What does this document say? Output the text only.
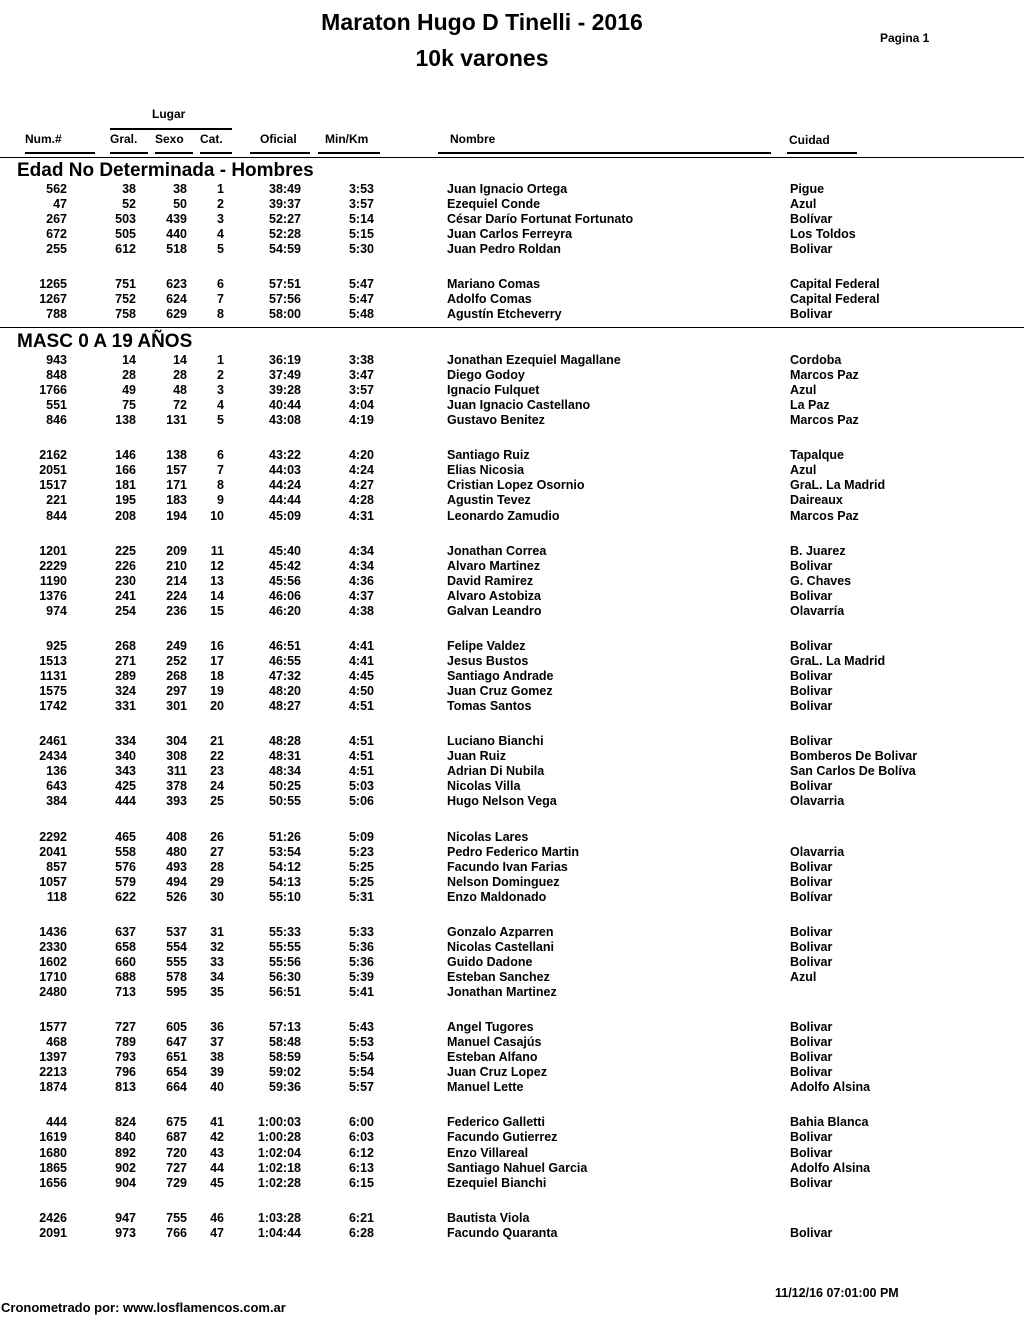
Maraton Hugo D Tinelli - 2016
10k varones
Pagina 1
Lugar
Num.#	Gral. Sexo Cat.	Oficial Min/Km	Nombre	Cuidad
Edad No Determinada - Hombres
562	38	38 1	38:49	3:53	Juan Ignacio Ortega	Pigue
47	52	50 2	39:37	3:57	Ezequiel Conde	Azul
267	503 439 3	52:27	5:14	César Darío Fortunat Fortunato	Bolívar
672	505 440 4	52:28	5:15	Juan Carlos Ferreyra	Los Toldos
255	612 518 5	54:59	5:30	Juan Pedro Roldan	Bolivar
1265	751 623 6	57:51	5:47	Mariano Comas	Capital Federal
1267	752 624 7	57:56	5:47	Adolfo Comas	Capital Federal
788	758 629 8	58:00	5:48	Agustín Etcheverry	Bolivar
MASC 0 A 19 AÑOS
943	14	14 1	36:19	3:38	Jonathan Ezequiel Magallane	Cordoba
848	28	28 2	37:49	3:47	Diego Godoy	Marcos Paz
1766	49	48 3	39:28	3:57	Ignacio Fulquet	Azul
551	75	72 4	40:44	4:04	Juan Ignacio Castellano	La Paz
846	138 131 5	43:08	4:19	Gustavo Benitez	Marcos Paz
2162	146 138 6	43:22	4:20	Santiago Ruiz	Tapalque
2051	166 157 7	44:03	4:24	Elias Nicosia	Azul
1517	181 171 8	44:24	4:27	Cristian Lopez Osornio	GraL. La Madrid
221	195 183 9	44:44	4:28	Agustin Tevez	Daireaux
844	208 194 10	45:09	4:31	Leonardo Zamudio	Marcos Paz
1201	225 209 11	45:40	4:34	Jonathan Correa	B. Juarez
2229	226 210 12	45:42	4:34	Alvaro Martinez	Bolivar
1190	230 214 13	45:56	4:36	David Ramirez	G. Chaves
1376	241 224 14	46:06	4:37	Alvaro Astobiza	Bolivar
974	254 236 15	46:20	4:38	Galvan Leandro	Olavarría
925	268 249 16	46:51	4:41	Felipe Valdez	Bolivar
1513	271 252 17	46:55	4:41	Jesus Bustos	GraL. La Madrid
1131	289 268 18	47:32	4:45	Santiago Andrade	Bolivar
1575	324 297 19	48:20	4:50	Juan Cruz Gomez	Bolivar
1742	331 301 20	48:27	4:51	Tomas Santos	Bolivar
2461	334 304 21	48:28	4:51	Luciano Bianchi	Bolivar
2434	340 308 22	48:31	4:51	Juan Ruiz	Bomberos De Bolivar
136	343 311 23	48:34	4:51	Adrian Di Nubila	San Carlos De Bolíva
643	425 378 24	50:25	5:03	Nicolas Villa	Bolivar
384	444 393 25	50:55	5:06	Hugo Nelson Vega	Olavarria
2292	465 408 26	51:26	5:09	Nicolas Lares
2041	558 480 27	53:54	5:23	Pedro Federico Martin	Olavarria
857	576 493 28	54:12	5:25	Facundo Ivan Farias	Bolivar
1057	579 494 29	54:13	5:25	Nelson Dominguez	Bolivar
118	622 526 30	55:10	5:31	Enzo Maldonado	Bolívar
1436	637 537 31	55:33	5:33	Gonzalo Azparren	Bolivar
2330	658 554 32	55:55	5:36	Nicolas Castellani	Bolivar
1602	660 555 33	55:56	5:36	Guido Dadone	Bolivar
1710	688 578 34	56:30	5:39	Esteban Sanchez	Azul
2480	713 595 35	56:51	5:41	Jonathan Martinez
1577	727 605 36	57:13	5:43	Angel Tugores	Bolivar
468	789 647 37	58:48	5:53	Manuel Casajús	Bolivar
1397	793 651 38	58:59	5:54	Esteban Alfano	Bolivar
2213	796 654 39	59:02	5:54	Juan Cruz Lopez	Bolivar
1874	813 664 40	59:36	5:57	Manuel Lette	Adolfo Alsina
444	824 675 41	1:00:03	6:00	Federico Galletti	Bahia Blanca
1619	840 687 42	1:00:28	6:03	Facundo Gutierrez	Bolivar
1680	892 720 43	1:02:04	6:12	Enzo Villareal	Bolivar
1865	902 727 44	1:02:18	6:13	Santiago Nahuel Garcia	Adolfo Alsina
1656	904 729 45	1:02:28	6:15	Ezequiel Bianchi	Bolivar
2426	947 755 46	1:03:28	6:21	Bautista Viola
2091	973 766 47	1:04:44	6:28	Facundo Quaranta	Bolivar
11/12/16 07:01:00 PM
Cronometrado por: www.losflamencos.com.ar
